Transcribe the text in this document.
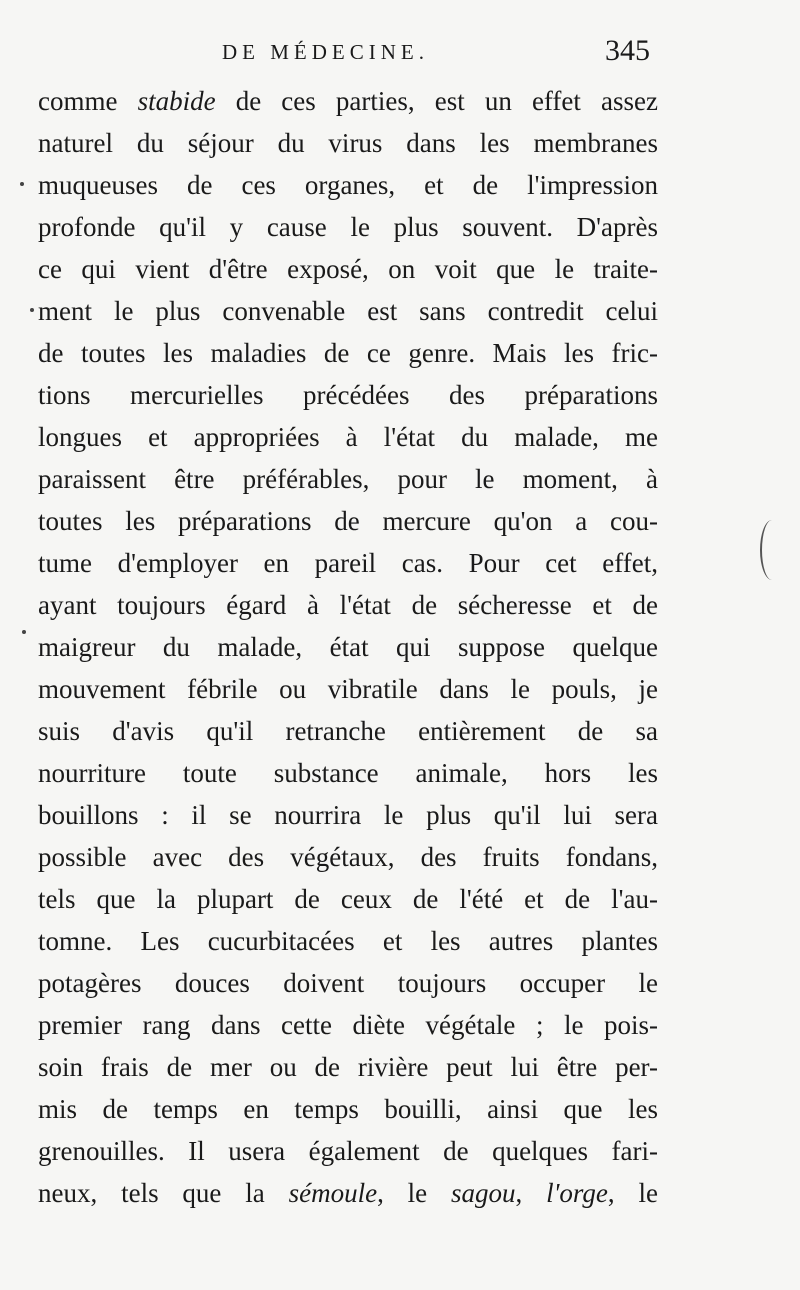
DE MÉDECINE.	345
comme stabide de ces parties, est un effet assez
naturel du séjour du virus dans les membranes
muqueuses de ces organes, et de l'impression
profonde qu'il y cause le plus souvent. D'après
ce qui vient d'être exposé, on voit que le traite-
ment le plus convenable est sans contredit celui
de toutes les maladies de ce genre. Mais les fric-
tions mercurielles précédées des préparations
longues et appropriées à l'état du malade, me
paraissent être préférables, pour le moment, à
toutes les préparations de mercure qu'on a cou-
tume d'employer en pareil cas. Pour cet effet,
ayant toujours égard à l'état de sécheresse et de
maigreur du malade, état qui suppose quelque
mouvement fébrile ou vibratile dans le pouls, je
suis d'avis qu'il retranche entièrement de sa
nourriture toute substance animale, hors les
bouillons : il se nourrira le plus qu'il lui sera
possible avec des végétaux, des fruits fondans,
tels que la plupart de ceux de l'été et de l'au-
tomne. Les cucurbitacées et les autres plantes
potagères douces doivent toujours occuper le
premier rang dans cette diète végétale ; le pois-
soin frais de mer ou de rivière peut lui être per-
mis de temps en temps bouilli, ainsi que les
grenouilles. Il usera également de quelques fari-
neux, tels que la sémoule, le sagou, l'orge, le
